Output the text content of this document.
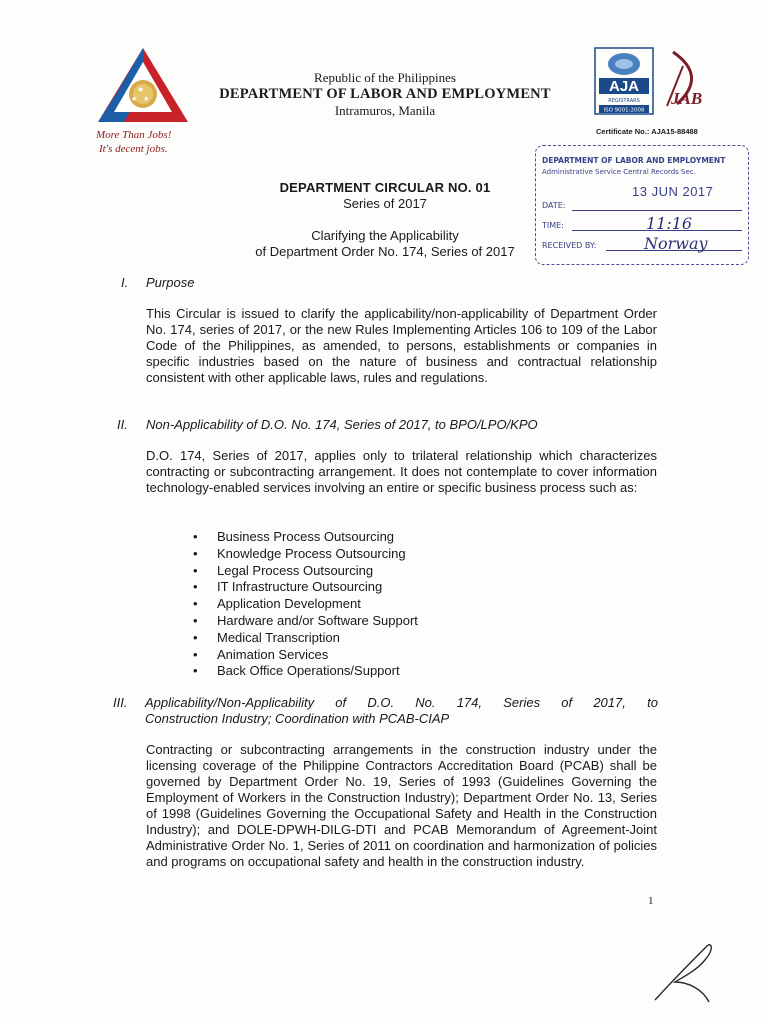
★
★ ★
More Than Jobs!
It's decent jobs.
Republic of the Philippines
DEPARTMENT OF LABOR AND EMPLOYMENT
Intramuros, Manila
AJA
REGISTRARS
ISO 9001:2008
JAB
Certificate No.: AJA15-88488
DEPARTMENT OF LABOR AND EMPLOYMENT
Administrative Service Central Records Sec.
DATE:
13 JUN 2017
TIME:	11:16
RECEIVED BY:	Norway
DEPARTMENT CIRCULAR NO. 01
Series of 2017
Clarifying the Applicability
of Department Order No. 174, Series of 2017
I. Purpose
This Circular is issued to clarify the applicability/non-applicability of Department Order No. 174, series of 2017, or the new Rules Implementing Articles 106 to 109 of the Labor Code of the Philippines, as amended, to persons, establishments or companies in specific industries based on the nature of business and contractual relationship consistent with other applicable laws, rules and regulations.
II. Non-Applicability of D.O. No. 174, Series of 2017, to BPO/LPO/KPO
D.O. 174, Series of 2017, applies only to trilateral relationship which characterizes contracting or subcontracting arrangement. It does not contemplate to cover information technology-enabled services involving an entire or specific business process such as:
• Business Process Outsourcing
• Knowledge Process Outsourcing
• Legal Process Outsourcing
• IT Infrastructure Outsourcing
• Application Development
• Hardware and/or Software Support
• Medical Transcription
• Animation Services
• Back Office Operations/Support
III. Applicability/Non-Applicability of D.O. No. 174, Series of 2017, to
Construction Industry; Coordination with PCAB-CIAP
Contracting or subcontracting arrangements in the construction industry under the licensing coverage of the Philippine Contractors Accreditation Board (PCAB) shall be governed by Department Order No. 19, Series of 1993 (Guidelines Governing the Employment of Workers in the Construction Industry); Department Order No. 13, Series of 1998 (Guidelines Governing the Occupational Safety and Health in the Construction Industry); and DOLE-DPWH-DILG-DTI and PCAB Memorandum of Agreement-Joint Administrative Order No. 1, Series of 2011 on coordination and harmonization of policies and programs on occupational safety and health in the construction industry.
1
